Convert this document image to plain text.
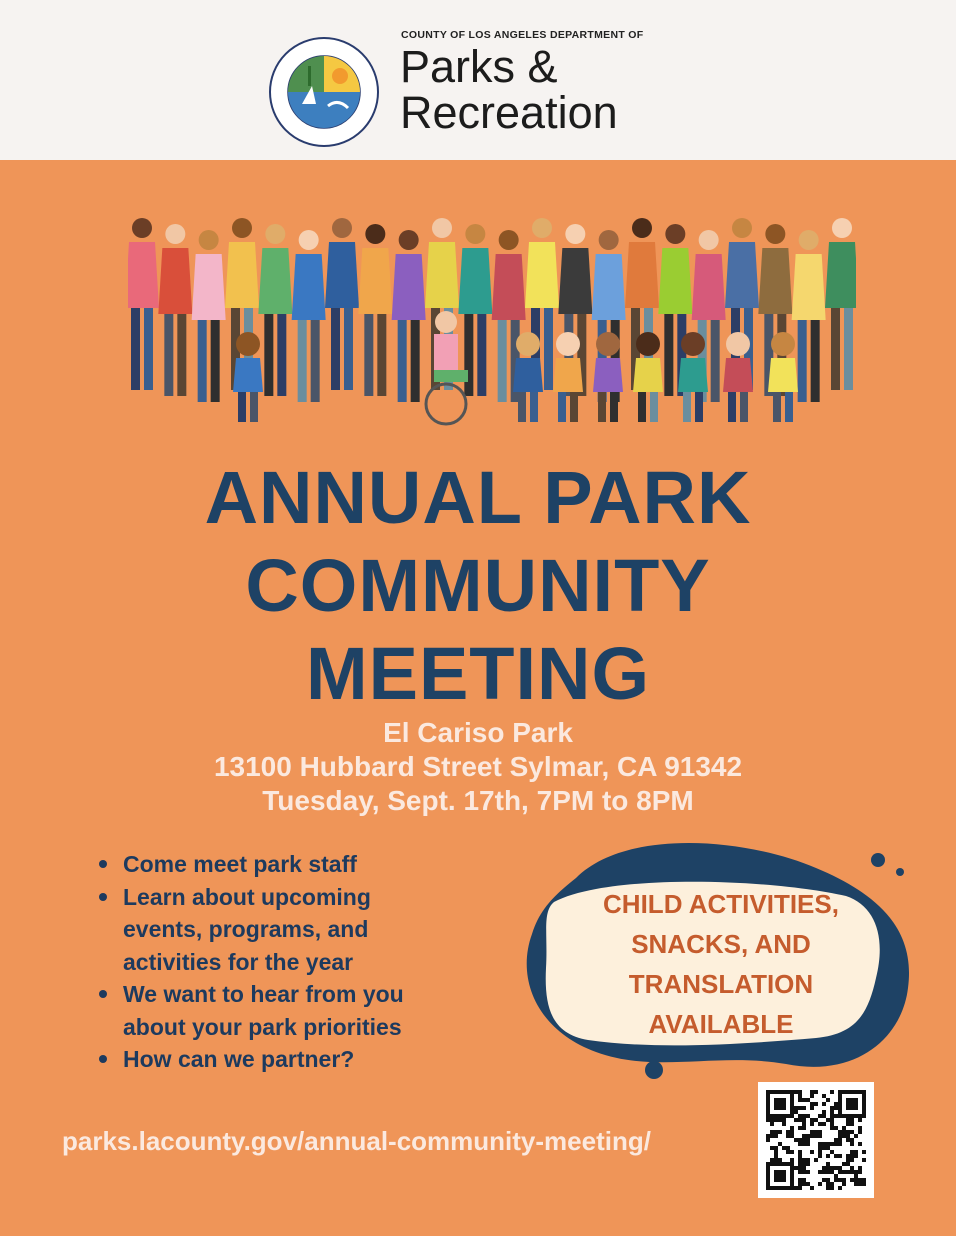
COUNTY OF LOS ANGELES DEPARTMENT OF
Parks &
Recreation
ANNUAL PARK
COMMUNITY
MEETING
El Cariso Park
13100 Hubbard Street Sylmar, CA 91342
Tuesday, Sept. 17th, 7PM to 8PM
Come meet park staff
Learn about upcoming events, programs, and activities for the year
We want to hear from you about your park priorities
How can we partner?
CHILD ACTIVITIES,
SNACKS, AND
TRANSLATION
AVAILABLE
parks.lacounty.gov/annual-community-meeting/
